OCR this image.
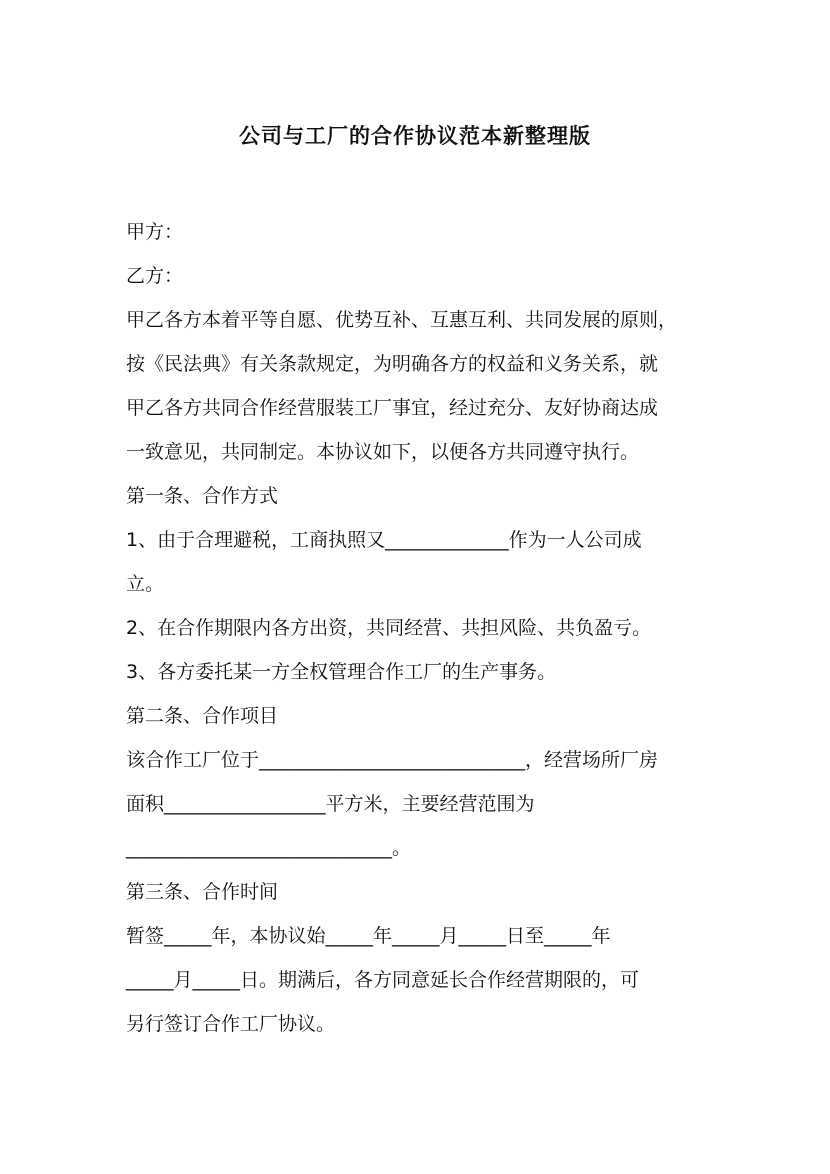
公司与工厂的合作协议范本新整理版
甲方：
乙方：
甲乙各方本着平等自愿、优势互补、互惠互利、共同发展的原则，
按《民法典》有关条款规定，为明确各方的权益和义务关系，就
甲乙各方共同合作经营服装工厂事宜，经过充分、友好协商达成
一致意见，共同制定。本协议如下，以便各方共同遵守执行。
第一条、合作方式
1、由于合理避税，工商执照又_____________作为一人公司成
立。
2、在合作期限内各方出资，共同经营、共担风险、共负盈亏。
3、各方委托某一方全权管理合作工厂的生产事务。
第二条、合作项目
该合作工厂位于____________________________，经营场所厂房
面积_________________平方米，主要经营范围为
____________________________。
第三条、合作时间
暂签_____年，本协议始_____年_____月_____日至_____年
_____月_____日。期满后，各方同意延长合作经营期限的，可
另行签订合作工厂协议。
